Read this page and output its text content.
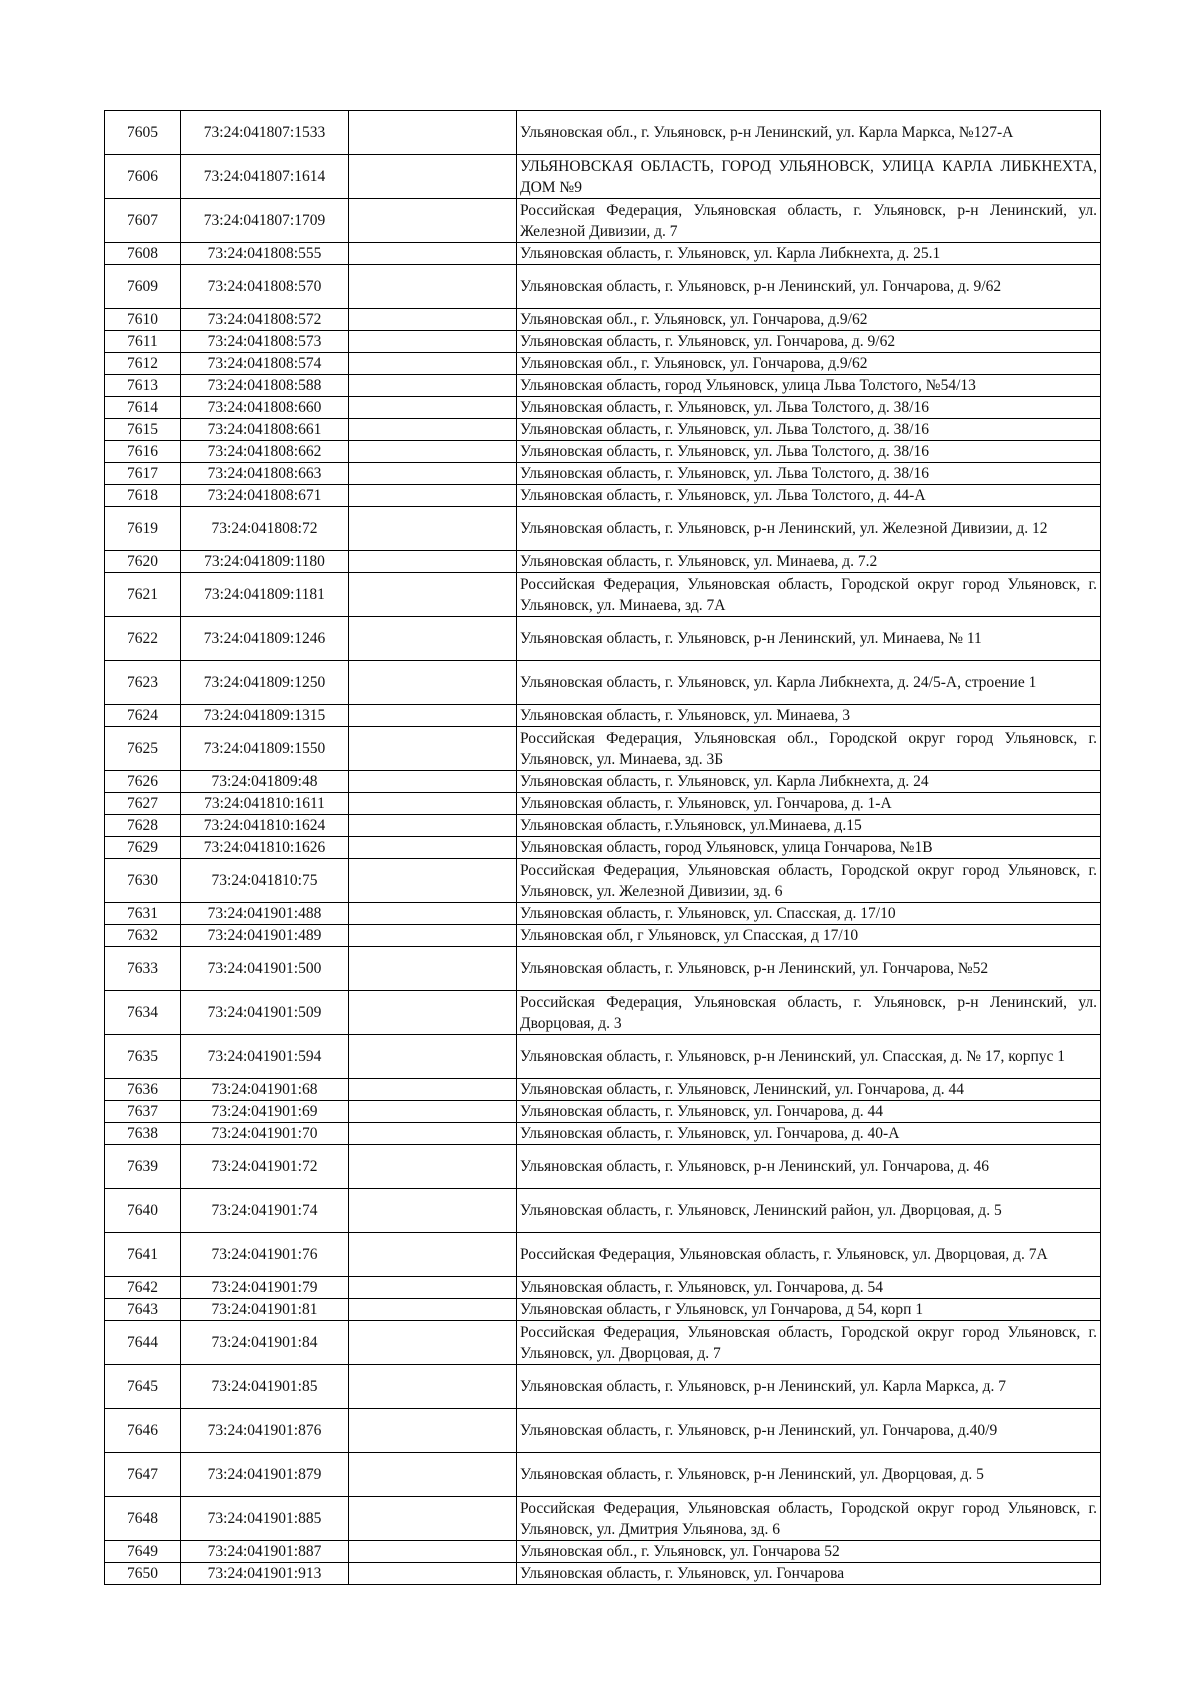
7605	73:24:041807:1533		Ульяновская обл., г. Ульяновск, р-н Ленинский, ул. Карла Маркса, №127-А
7606	73:24:041807:1614		УЛЬЯНОВСКАЯ ОБЛАСТЬ, ГОРОД УЛЬЯНОВСК, УЛИЦА КАРЛА ЛИБКНЕХТА, ДОМ №9
7607	73:24:041807:1709		Российская Федерация, Ульяновская область, г. Ульяновск, р-н Ленинский, ул. Железной Дивизии, д. 7
7608	73:24:041808:555		Ульяновская область, г. Ульяновск, ул. Карла Либкнехта, д. 25.1
7609	73:24:041808:570		Ульяновская область, г. Ульяновск, р-н Ленинский, ул. Гончарова, д. 9/62
7610	73:24:041808:572		Ульяновская обл., г. Ульяновск, ул. Гончарова, д.9/62
7611	73:24:041808:573		Ульяновская область, г. Ульяновск, ул. Гончарова, д. 9/62
7612	73:24:041808:574		Ульяновская обл., г. Ульяновск, ул. Гончарова, д.9/62
7613	73:24:041808:588		Ульяновская область, город Ульяновск, улица Льва Толстого, №54/13
7614	73:24:041808:660		Ульяновская область, г. Ульяновск, ул. Льва Толстого, д. 38/16
7615	73:24:041808:661		Ульяновская область, г. Ульяновск, ул. Льва Толстого, д. 38/16
7616	73:24:041808:662		Ульяновская область, г. Ульяновск, ул. Льва Толстого, д. 38/16
7617	73:24:041808:663		Ульяновская область, г. Ульяновск, ул. Льва Толстого, д. 38/16
7618	73:24:041808:671		Ульяновская область, г. Ульяновск, ул. Льва Толстого, д. 44-А
7619	73:24:041808:72		Ульяновская область, г. Ульяновск, р-н Ленинский, ул. Железной Дивизии, д. 12
7620	73:24:041809:1180		Ульяновская область, г. Ульяновск, ул. Минаева, д. 7.2
7621	73:24:041809:1181		Российская Федерация, Ульяновская область, Городской округ город Ульяновск, г. Ульяновск, ул. Минаева, зд. 7А
7622	73:24:041809:1246		Ульяновская область, г. Ульяновск, р-н Ленинский, ул. Минаева, № 11
7623	73:24:041809:1250		Ульяновская область, г. Ульяновск, ул. Карла Либкнехта, д. 24/5-А, строение 1
7624	73:24:041809:1315		Ульяновская область, г. Ульяновск, ул. Минаева, 3
7625	73:24:041809:1550		Российская Федерация, Ульяновская обл., Городской округ город Ульяновск, г. Ульяновск, ул. Минаева, зд. 3Б
7626	73:24:041809:48		Ульяновская область, г. Ульяновск, ул. Карла Либкнехта, д. 24
7627	73:24:041810:1611		Ульяновская область, г. Ульяновск, ул. Гончарова, д. 1-А
7628	73:24:041810:1624		Ульяновская область, г.Ульяновск, ул.Минаева, д.15
7629	73:24:041810:1626		Ульяновская область, город Ульяновск, улица Гончарова, №1В
7630	73:24:041810:75		Российская Федерация, Ульяновская область, Городской округ город Ульяновск, г. Ульяновск, ул. Железной Дивизии, зд. 6
7631	73:24:041901:488		Ульяновская область, г. Ульяновск, ул. Спасская, д. 17/10
7632	73:24:041901:489		Ульяновская обл, г Ульяновск, ул Спасская, д 17/10
7633	73:24:041901:500		Ульяновская область, г. Ульяновск, р-н Ленинский, ул. Гончарова, №52
7634	73:24:041901:509		Российская Федерация, Ульяновская область, г. Ульяновск, р-н Ленинский, ул. Дворцовая, д. 3
7635	73:24:041901:594		Ульяновская область, г. Ульяновск, р-н Ленинский, ул. Спасская, д. № 17, корпус 1
7636	73:24:041901:68		Ульяновская область, г. Ульяновск, Ленинский, ул. Гончарова, д. 44
7637	73:24:041901:69		Ульяновская область, г. Ульяновск, ул. Гончарова, д. 44
7638	73:24:041901:70		Ульяновская область, г. Ульяновск, ул. Гончарова, д. 40-А
7639	73:24:041901:72		Ульяновская область, г. Ульяновск, р-н Ленинский, ул. Гончарова, д. 46
7640	73:24:041901:74		Ульяновская область, г. Ульяновск, Ленинский район, ул. Дворцовая, д. 5
7641	73:24:041901:76		Российская Федерация, Ульяновская область, г. Ульяновск, ул. Дворцовая, д. 7А
7642	73:24:041901:79		Ульяновская область, г. Ульяновск, ул. Гончарова, д. 54
7643	73:24:041901:81		Ульяновская область, г Ульяновск, ул Гончарова, д 54, корп 1
7644	73:24:041901:84		Российская Федерация, Ульяновская область, Городской округ город Ульяновск, г. Ульяновск, ул. Дворцовая, д. 7
7645	73:24:041901:85		Ульяновская область, г. Ульяновск, р-н Ленинский, ул. Карла Маркса, д. 7
7646	73:24:041901:876		Ульяновская область, г. Ульяновск, р-н Ленинский, ул. Гончарова, д.40/9
7647	73:24:041901:879		Ульяновская область, г. Ульяновск, р-н Ленинский, ул. Дворцовая, д. 5
7648	73:24:041901:885		Российская Федерация, Ульяновская область, Городской округ город Ульяновск, г. Ульяновск, ул. Дмитрия Ульянова, зд. 6
7649	73:24:041901:887		Ульяновская обл., г. Ульяновск, ул. Гончарова 52
7650	73:24:041901:913		Ульяновская область, г. Ульяновск, ул. Гончарова
